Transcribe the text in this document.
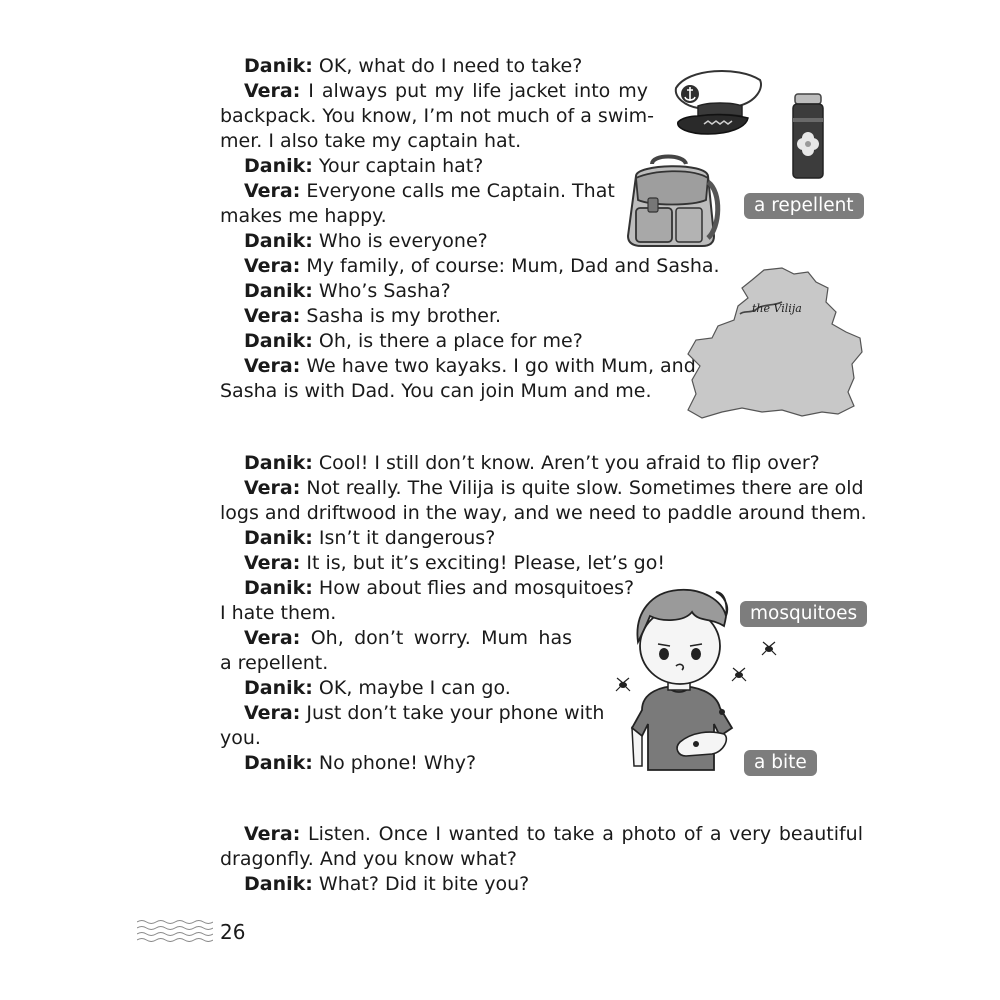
Danik: OK, what do I need to take?
Vera: I always put my life jacket into my
backpack. You know, I’m not much of a swim-
mer. I also take my captain hat.
Danik: Your captain hat?
Vera: Everyone calls me Captain. That
makes me happy.
Danik: Who is everyone?
Vera: My family, of course: Mum, Dad and Sasha.
Danik: Who’s Sasha?
Vera: Sasha is my brother.
Danik: Oh, is there a place for me?
Vera: We have two kayaks. I go with Mum, and
Sasha is with Dad. You can join Mum and me.
Danik: Cool! I still don’t know. Aren’t you afraid to flip over?
Vera: Not really. The Vilija is quite slow. Sometimes there are old
logs and driftwood in the way, and we need to paddle around them.
Danik: Isn’t it dangerous?
Vera: It is, but it’s exciting! Please, let’s go!
Danik: How about flies and mosquitoes?
I hate them.
Vera: Oh, don’t worry. Mum has
a repellent.
Danik: OK, maybe I can go.
Vera: Just don’t take your phone with
you.
Danik: No phone! Why?
Vera: Listen. Once I wanted to take a photo of a very beautiful
dragonfly. And you know what?
Danik: What? Did it bite you?
the Vilija
a repellent
mosquitoes
a bite
26
